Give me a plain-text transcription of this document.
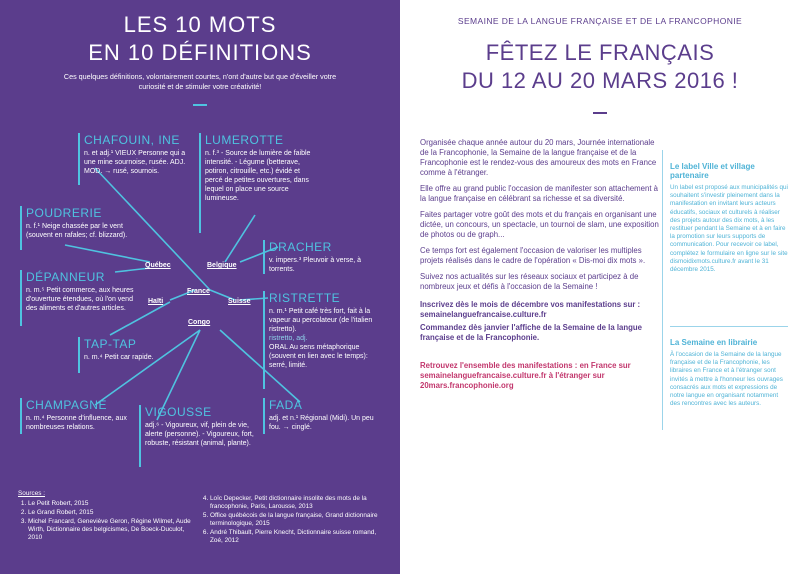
LES 10 MOTS
EN 10 DÉFINITIONS
Ces quelques définitions, volontairement courtes, n'ont d'autre but que d'éveiller votre curiosité et de stimuler votre créativité!
CHAFOUIN, INE
n. et adj.¹ VIEUX Personne qui a une mine sournoise, rusée. ADJ. MOD. → rusé, sournois.
LUMEROTTE
n. f.³ - Source de lumière de faible intensité. - Légume (betterave, potiron, citrouille, etc.) évidé et percé de petites ouvertures, dans lequel on place une source lumineuse.
POUDRERIE
n. f.¹ Neige chassée par le vent (souvent en rafales; cf. blizzard).
DRACHER
v. impers.³ Pleuvoir à verse, à torrents.
DÉPANNEUR
n. m.⁵ Petit commerce, aux heures d'ouverture étendues, où l'on vend des aliments et d'autres articles.
RISTRETTE
n. m.¹ Petit café très fort, fait à la vapeur au percolateur (de l'italien ristretto).
ristretto, adj.
ORAL Au sens métaphorique (souvent en lien avec le temps): serré, limité.
TAP-TAP
n. m.⁴ Petit car rapide.
CHAMPAGNÉ
n. m.⁴ Personne d'influence, aux nombreuses relations.
VIGOUSSE
adj.⁶ - Vigoureux, vif, plein de vie, alerte (personne). - Vigoureux, fort, robuste, résistant (animal, plante).
FADA
adj. et n.¹ Régional (Midi). Un peu fou. → cinglé.
Québec	Belgique
France
Haïti	Suisse
Congo
Sources :
1. Le Petit Robert, 2015
2. Le Grand Robert, 2015
3. Michel Francard, Geneviève Geron, Régine Wilmet, Aude Wirth, Dictionnaire des belgicismes, De Boeck-Duculot, 2010
4. Loïc Depecker, Petit dictionnaire insolite des mots de la francophonie, Paris, Larousse, 2013
5. Office québécois de la langue française, Grand dictionnaire terminologique, 2015
6. André Thibault, Pierre Knecht, Dictionnaire suisse romand, Zoé, 2012
SEMAINE DE LA LANGUE FRANÇAISE ET DE LA FRANCOPHONIE
FÊTEZ LE FRANÇAIS
DU 12 AU 20 MARS 2016 !

Organisée chaque année autour du 20 mars, Journée internationale de la Francophonie, la Semaine de la langue française et de la Francophonie est le rendez-vous des amoureux des mots en France comme à l'étranger.

Elle offre au grand public l'occasion de manifester son attachement à la langue française en célébrant sa richesse et sa diversité.

Faites partager votre goût des mots et du français en organisant une dictée, un concours, un spectacle, un tournoi de slam, une exposition de photos ou de graph...

Ce temps fort est également l'occasion de valoriser les multiples projets réalisés dans le cadre de l'opération « Dis-moi dix mots ».

Suivez nos actualités sur les réseaux sociaux et participez à de nombreux jeux et défis à l'occasion de la Semaine !

Inscrivez dès le mois de décembre vos manifestations sur : semainelanguefrancaise.culture.fr
Commandez dès janvier l'affiche de la Semaine de la langue française et de la Francophonie.
Retrouvez l'ensemble des manifestations : en France sur semainelanguefrancaise.culture.fr à l'étranger sur 20mars.francophonie.org
Le label Ville et village partenaire

Un label est proposé aux municipalités qui souhaitent s'investir pleinement dans la manifestation en invitant leurs acteurs éducatifs, sociaux et culturels à réaliser des projets autour des dix mots, à les restituer pendant la Semaine et à en faire la promotion sur leurs supports de communication. Pour recevoir ce label, complétez le formulaire en ligne sur le site dismoidixmots.culture.fr avant le 31 décembre 2015.

La Semaine en librairie

À l'occasion de la Semaine de la langue française et de la Francophonie, les libraires en France et à l'étranger sont invités à mettre à l'honneur les ouvrages consacrés aux mots et expressions de notre langue en organisant notamment des rencontres avec les auteurs.
